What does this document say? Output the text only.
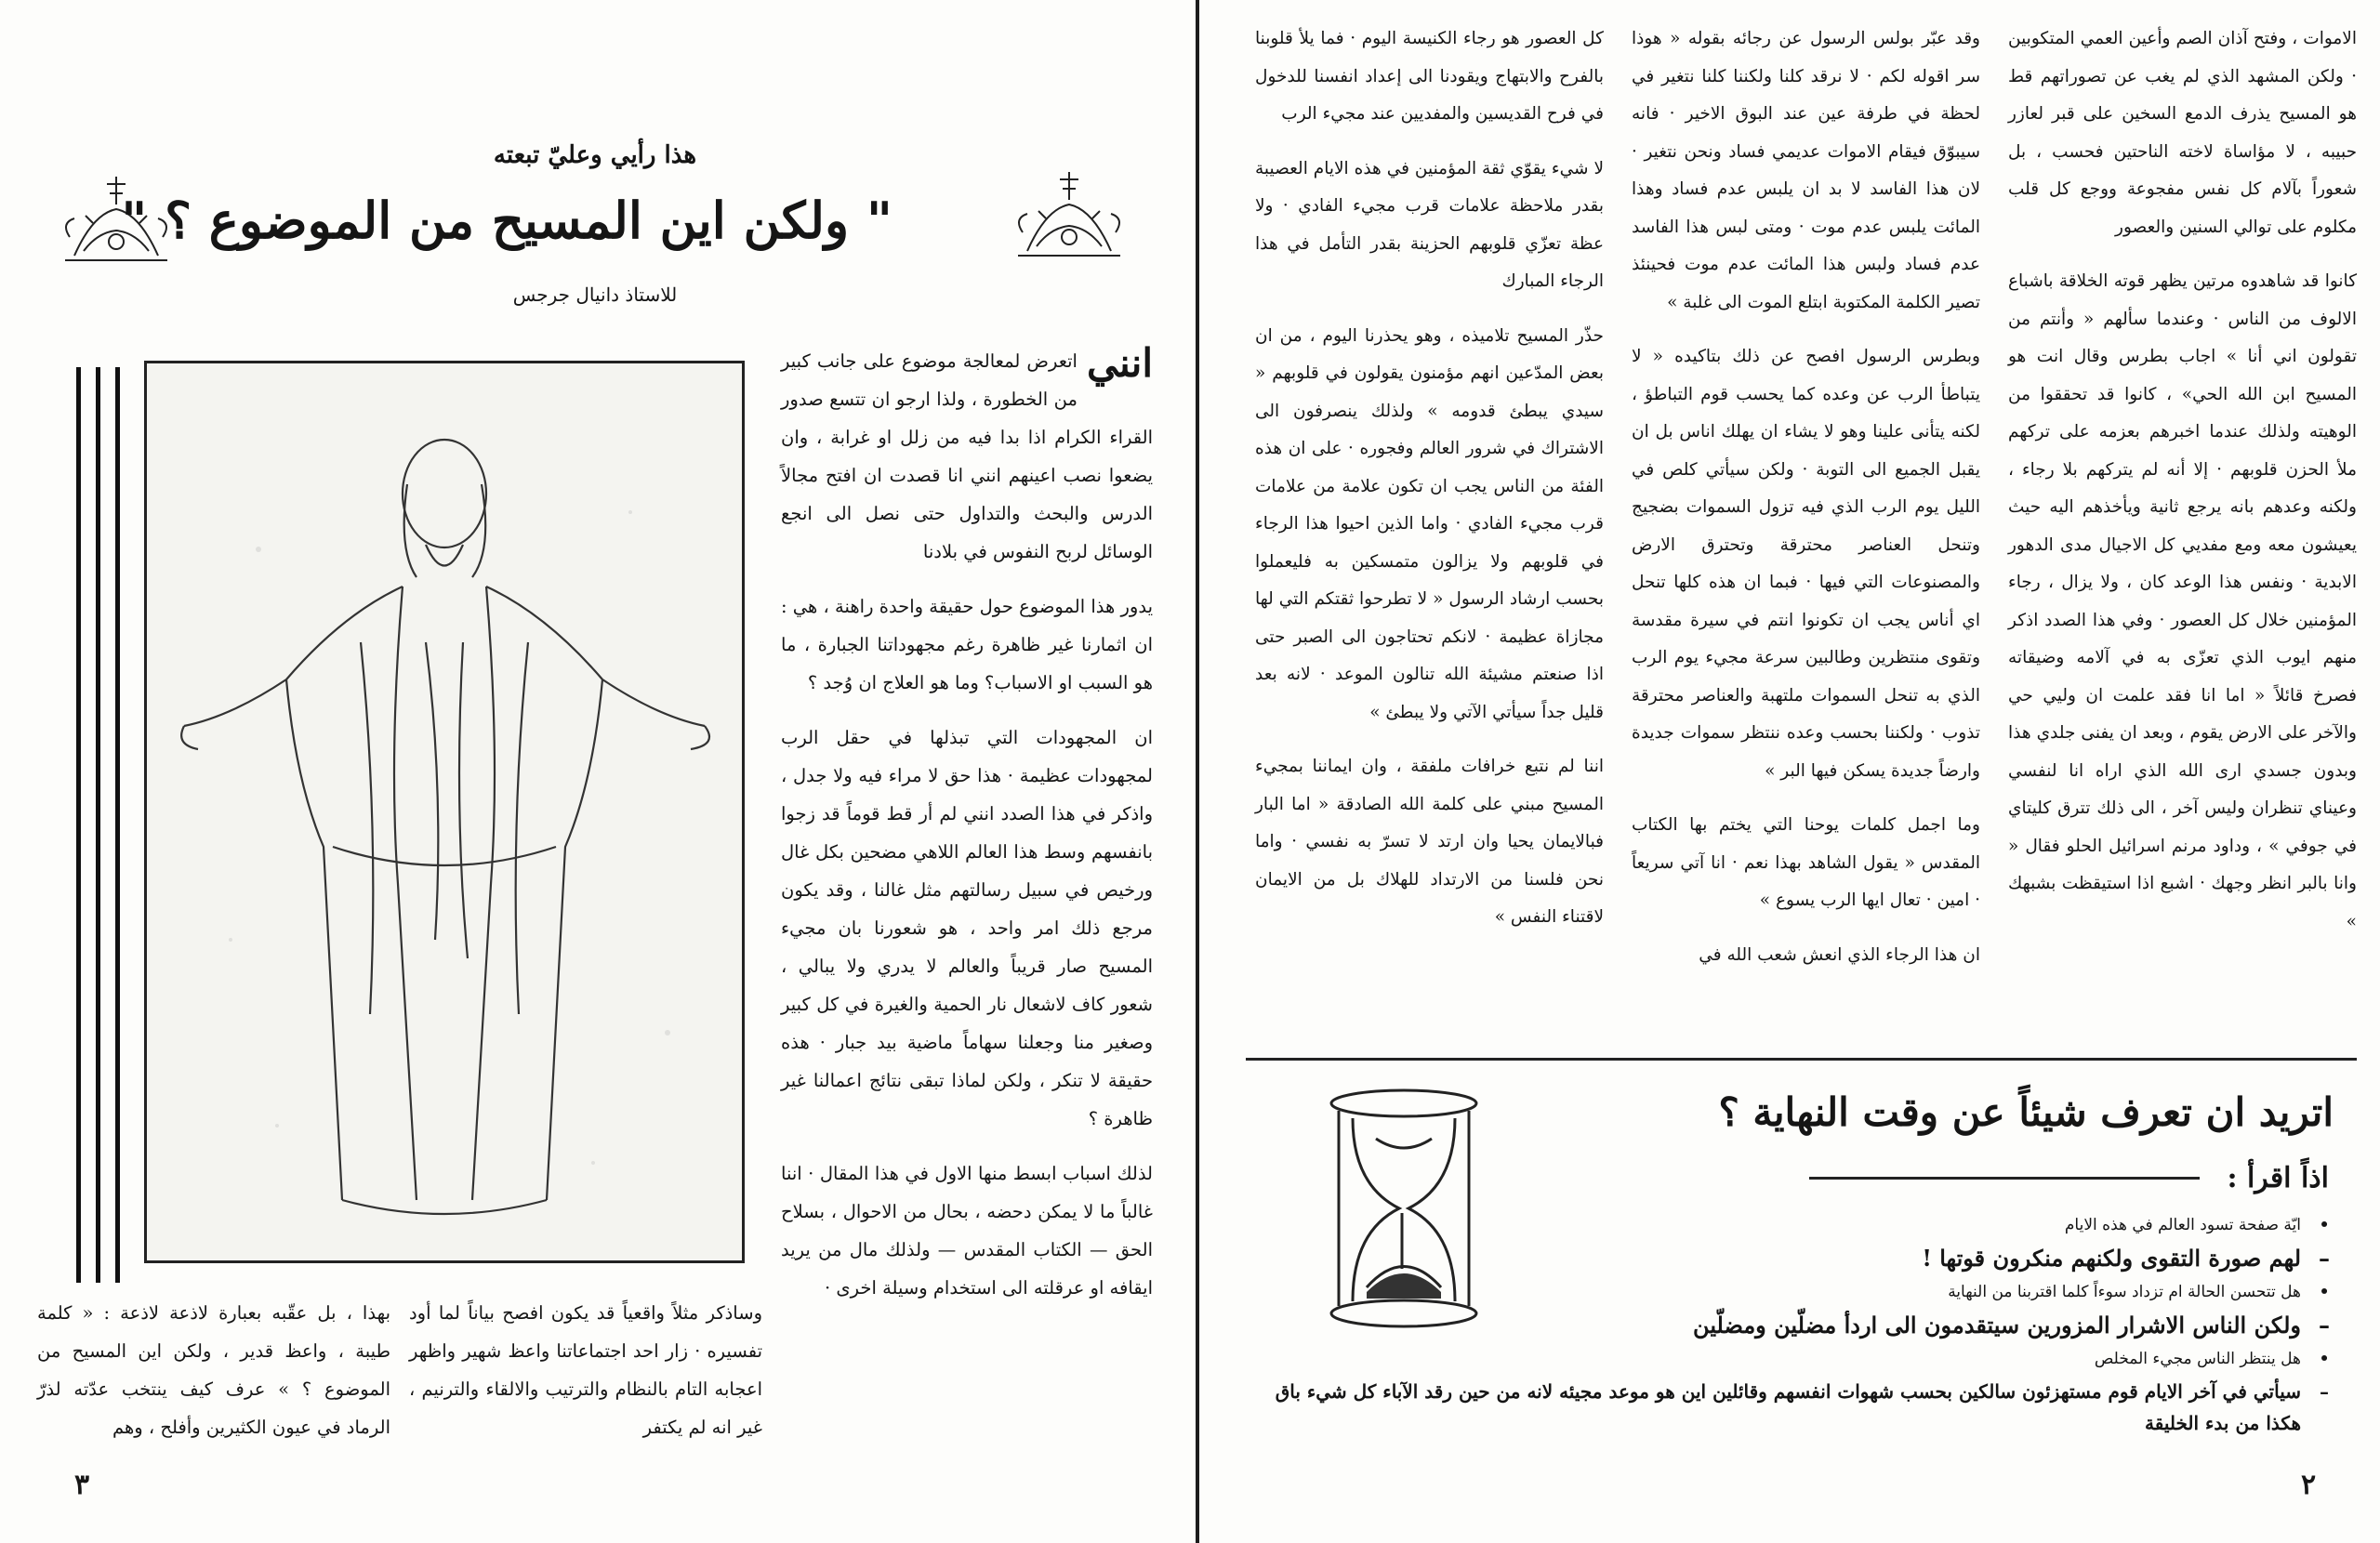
هذا رأيي وعليّ تبعته
" ولكن اين المسيح من الموضوع ؟ "
للاستاذ دانيال جرجس

انني
اتعرض لمعالجة موضوع على جانب كبير من الخطورة ، ولذا ارجو ان تتسع صدور القراء الكرام اذا بدا فيه من زلل او غرابة ، وان يضعوا نصب اعينهم انني انا قصدت ان افتح مجالاً الدرس والبحث والتداول حتى نصل الى انجع الوسائل لربح النفوس في بلادنا

يدور هذا الموضوع حول حقيقة واحدة راهنة ، هي : ان اثمارنا غير ظاهرة رغم مجهوداتنا الجبارة ، ما هو السبب او الاسباب؟ وما هو العلاج ان وُجد ؟

ان المجهودات التي تبذلها في حقل الرب لمجهودات عظيمة · هذا حق لا مراء فيه ولا جدل ، واذكر في هذا الصدد انني لم أر قط قوماً قد زجوا بانفسهم وسط هذا العالم اللاهي مضحين بكل غال ورخيص في سبيل رسالتهم مثل غالنا ، وقد يكون مرجع ذلك امر واحد ، هو شعورنا بان مجيء المسيح صار قريباً والعالم لا يدري ولا يبالي ، شعور كاف لاشعال نار الحمية والغيرة في كل كبير وصغير منا وجعلنا سهاماً ماضية بيد جبار · هذه حقيقة لا تنكر ، ولكن لماذا تبقى نتائج اعمالنا غير ظاهرة ؟

لذلك اسباب ابسط منها الاول في هذا المقال · اننا غالباً ما لا يمكن دحضه ، بحال من الاحوال ، بسلاح الحق — الكتاب المقدس — ولذلك مال من يريد ايقافه او عرقلته الى استخدام وسيلة اخرى ·

وساذكر مثلاً واقعياً قد يكون افصح بياناً لما أود تفسيره · زار احد اجتماعاتنا واعظ شهير واظهر اعجابه التام بالنظام والترتيب والالقاء والترنيم ، غير انه لم يكتفر

بهذا ، بل عقّبه بعبارة لاذعة لاذعة : « كلمة طيبة ، واعظ قدير ، ولكن اين المسيح من الموضوع ؟ » عرف كيف ينتخب عدّته لذرّ الرماد في عيون الكثيرين وأفلح ، وهم

٣

الاموات ، وفتح آذان الصم وأعين العمي المتكوبين · ولكن المشهد الذي لم يغب عن تصوراتهم قط هو المسيح يذرف الدمع السخين على قبر لعازر حبيبه ، لا مؤاساة لاخته الناحتين فحسب ، بل شعوراً بآلام كل نفس مفجوعة ووجع كل قلب مكلوم على توالي السنين والعصور

كانوا قد شاهدوه مرتين يظهر قوته الخلاقة باشباع الالوف من الناس · وعندما سألهم « وأنتم من تقولون اني أنا » اجاب بطرس وقال انت هو المسيح ابن الله الحي» ، كانوا قد تحققوا من الوهيته ولذلك عندما اخبرهم بعزمه على تركهم ملأ الحزن قلوبهم · إلا أنه لم يتركهم بلا رجاء ، ولكنه وعدهم بانه يرجع ثانية ويأخذهم اليه حيث يعيشون معه ومع مفديي كل الاجيال مدى الدهور الابدية · ونفس هذا الوعد كان ، ولا يزال ، رجاء المؤمنين خلال كل العصور · وفي هذا الصدد اذكر منهم ايوب الذي تعزّى به في آلامه وضيقاته فصرخ قائلاً « اما انا فقد علمت ان وليي حي والآخر على الارض يقوم ، وبعد ان يفنى جلدي هذا وبدون جسدي ارى الله الذي اراه انا لنفسي وعيناي تنظران وليس آخر ، الى ذلك تترق كليتاي في جوفي » ، وداود مرنم اسرائيل الحلو فقال « وانا بالبر انظر وجهك · اشبع اذا استيقظت بشبهك »

وقد عبّر بولس الرسول عن رجائه بقوله « هوذا سر اقوله لكم · لا نرقد كلنا ولكننا كلنا نتغير في لحظة في طرفة عين عند البوق الاخير · فانه سيبوّق فيقام الاموات عديمي فساد ونحن نتغير · لان هذا الفاسد لا بد ان يلبس عدم فساد وهذا المائت يلبس عدم موت · ومتى لبس هذا الفاسد عدم فساد ولبس هذا المائت عدم موت فحينئذ تصير الكلمة المكتوبة ابتلع الموت الى غلبة »

وبطرس الرسول افصح عن ذلك بتاكيده « لا يتباطأ الرب عن وعده كما يحسب قوم التباطؤ ، لكنه يتأنى علينا وهو لا يشاء ان يهلك اناس بل ان يقبل الجميع الى التوبة · ولكن سيأتي كلص في الليل يوم الرب الذي فيه تزول السموات بضجيج وتنحل العناصر محترقة وتحترق الارض والمصنوعات التي فيها · فبما ان هذه كلها تنحل اي أناس يجب ان تكونوا انتم في سيرة مقدسة وتقوى منتظرين وطالبين سرعة مجيء يوم الرب الذي به تنحل السموات ملتهبة والعناصر محترقة تذوب · ولكننا بحسب وعده ننتظر سموات جديدة وارضاً جديدة يسكن فيها البر »

وما اجمل كلمات يوحنا التي يختم بها الكتاب المقدس « يقول الشاهد بهذا نعم · انا آتي سريعاً · امين · تعال ايها الرب يسوع »

ان هذا الرجاء الذي انعش شعب الله في

كل العصور هو رجاء الكنيسة اليوم · فما يلأ قلوبنا بالفرح والابتهاج ويقودنا الى إعداد انفسنا للدخول في فرح القديسين والمفديين عند مجيء الرب

لا شيء يقوّي ثقة المؤمنين في هذه الايام العصيبة بقدر ملاحظة علامات قرب مجيء الفادي · ولا عظة تعزّي قلوبهم الحزينة بقدر التأمل في هذا الرجاء المبارك

حذّر المسيح تلاميذه ، وهو يحذرنا اليوم ، من ان بعض المدّعين انهم مؤمنون يقولون في قلوبهم « سيدي يبطئ قدومه » ولذلك ينصرفون الى الاشتراك في شرور العالم وفجوره · على ان هذه الفئة من الناس يجب ان تكون علامة من علامات قرب مجيء الفادي · واما الذين احيوا هذا الرجاء في قلوبهم ولا يزالون متمسكين به فليعملوا بحسب ارشاد الرسول « لا تطرحوا ثقتكم التي لها مجازاة عظيمة · لانكم تحتاجون الى الصبر حتى اذا صنعتم مشيئة الله تنالون الموعد · لانه بعد قليل جداً سيأتي الآتي ولا يبطئ »

اننا لم نتبع خرافات ملفقة ، وان ايماننا بمجيء المسيح مبني على كلمة الله الصادقة « اما البار فبالايمان يحيا وان ارتد لا تسرّ به نفسي · واما نحن فلسنا من الارتداد للهلاك بل من الايمان لاقتناء النفس »

اتريد ان تعرف شيئاً عن وقت النهاية ؟
اذاً اقرأ :
•
ايّة صفحة تسود العالم في هذه الايام
–
لهم صورة التقوى ولكنهم منكرون قوتها !
•
هل تتحسن الحالة ام تزداد سوءاً كلما اقتربنا من النهاية
–
ولكن الناس الاشرار المزورين سيتقدمون الى اردأ مضلّين ومضلّين
•
هل ينتظر الناس مجيء المخلص
–
سيأتي في آخر الايام قوم مستهزئون سالكين بحسب شهوات انفسهم وقائلين اين هو موعد مجيئه لانه من حين رقد الآباء كل شيء باق هكذا من بدء الخليقة
٢
